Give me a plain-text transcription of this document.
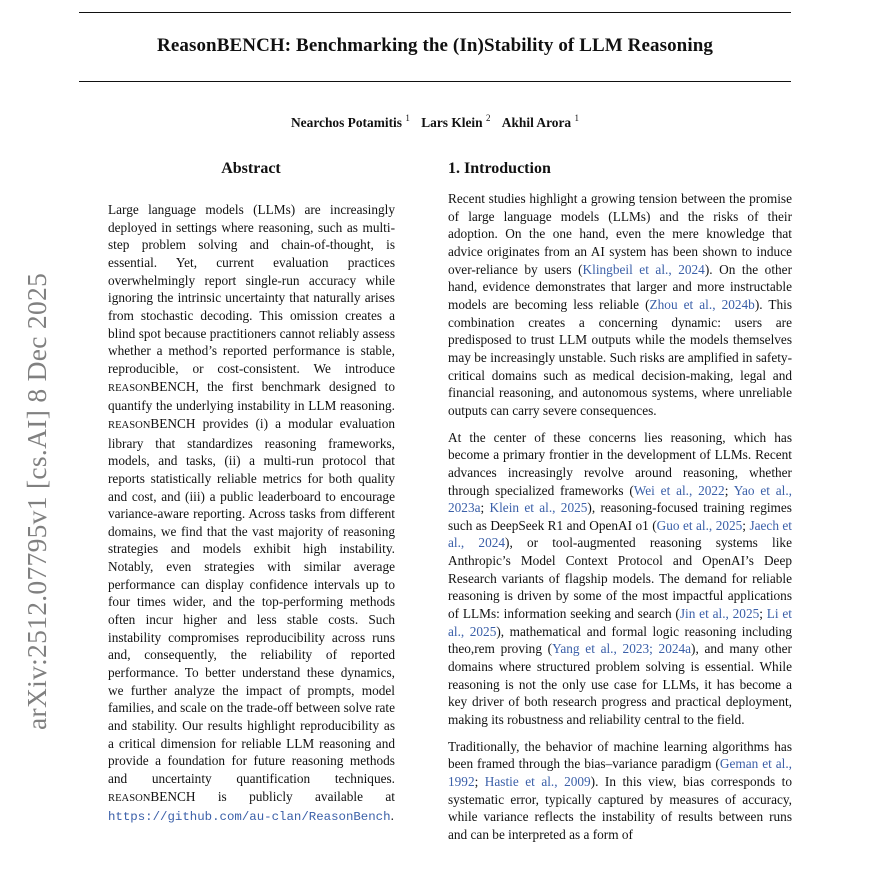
ReasonBENCH: Benchmarking the (In)Stability of LLM Reasoning
Nearchos Potamitis $^1$ Lars Klein $^2$ Akhil Arora $^1$
arXiv:2512.07795v1 [cs.AI] 8 Dec 2025
Abstract
Large language models (LLMs) are increasingly deployed in settings where reasoning, such as multi-step problem solving and chain-of-thought, is essential. Yet, current evaluation practices overwhelmingly report single-run accuracy while ignoring the intrinsic uncertainty that naturally arises from stochastic decoding. This omission creates a blind spot because practitioners cannot reliably assess whether a method’s reported performance is stable, reproducible, or cost-consistent. We introduce REASONBENCH, the first benchmark designed to quantify the underlying instability in LLM reasoning. REASONBENCH provides (i) a modular evaluation library that standardizes reasoning frameworks, models, and tasks, (ii) a multi-run protocol that reports statistically reliable metrics for both quality and cost, and (iii) a public leaderboard to encourage variance-aware reporting. Across tasks from different domains, we find that the vast majority of reasoning strategies and models exhibit high instability. Notably, even strategies with similar average performance can display confidence intervals up to four times wider, and the top-performing methods often incur higher and less stable costs. Such instability compromises reproducibility across runs and, consequently, the reliability of reported performance. To better understand these dynamics, we further analyze the impact of prompts, model families, and scale on the trade-off between solve rate and stability. Our results highlight reproducibility as a critical dimension for reliable LLM reasoning and provide a foundation for future reasoning methods and uncertainty quantification techniques. REASONBENCH is publicly available at https://github.com/au-clan/ReasonBench.
1. Introduction

Recent studies highlight a growing tension between the promise of large language models (LLMs) and the risks of their adoption. On the one hand, even the mere knowledge that advice originates from an AI system has been shown to induce over-reliance by users (Klingbeil et al., 2024). On the other hand, evidence demonstrates that larger and more instructable models are becoming less reliable (Zhou et al., 2024b). This combination creates a concerning dynamic: users are predisposed to trust LLM outputs while the models themselves may be increasingly unstable. Such risks are amplified in safety-critical domains such as medical decision-making, legal and financial reasoning, and autonomous systems, where unreliable outputs can carry severe consequences.

At the center of these concerns lies reasoning, which has become a primary frontier in the development of LLMs. Recent advances increasingly revolve around reasoning, whether through specialized frameworks (Wei et al., 2022; Yao et al., 2023a; Klein et al., 2025), reasoning-focused training regimes such as DeepSeek R1 and OpenAI o1 (Guo et al., 2025; Jaech et al., 2024), or tool-augmented reasoning systems like Anthropic’s Model Context Protocol and OpenAI’s Deep Research variants of flagship models. The demand for reliable reasoning is driven by some of the most impactful applications of LLMs: information seeking and search (Jin et al., 2025; Li et al., 2025), mathematical and formal logic reasoning including theo,rem proving (Yang et al., 2023; 2024a), and many other domains where structured problem solving is essential. While reasoning is not the only use case for LLMs, it has become a key driver of both research progress and practical deployment, making its robustness and reliability central to the field.

Traditionally, the behavior of machine learning algorithms has been framed through the bias–variance paradigm (Geman et al., 1992; Hastie et al., 2009). In this view, bias corresponds to systematic error, typically captured by measures of accuracy, while variance reflects the instability of results between runs and can be interpreted as a form of
